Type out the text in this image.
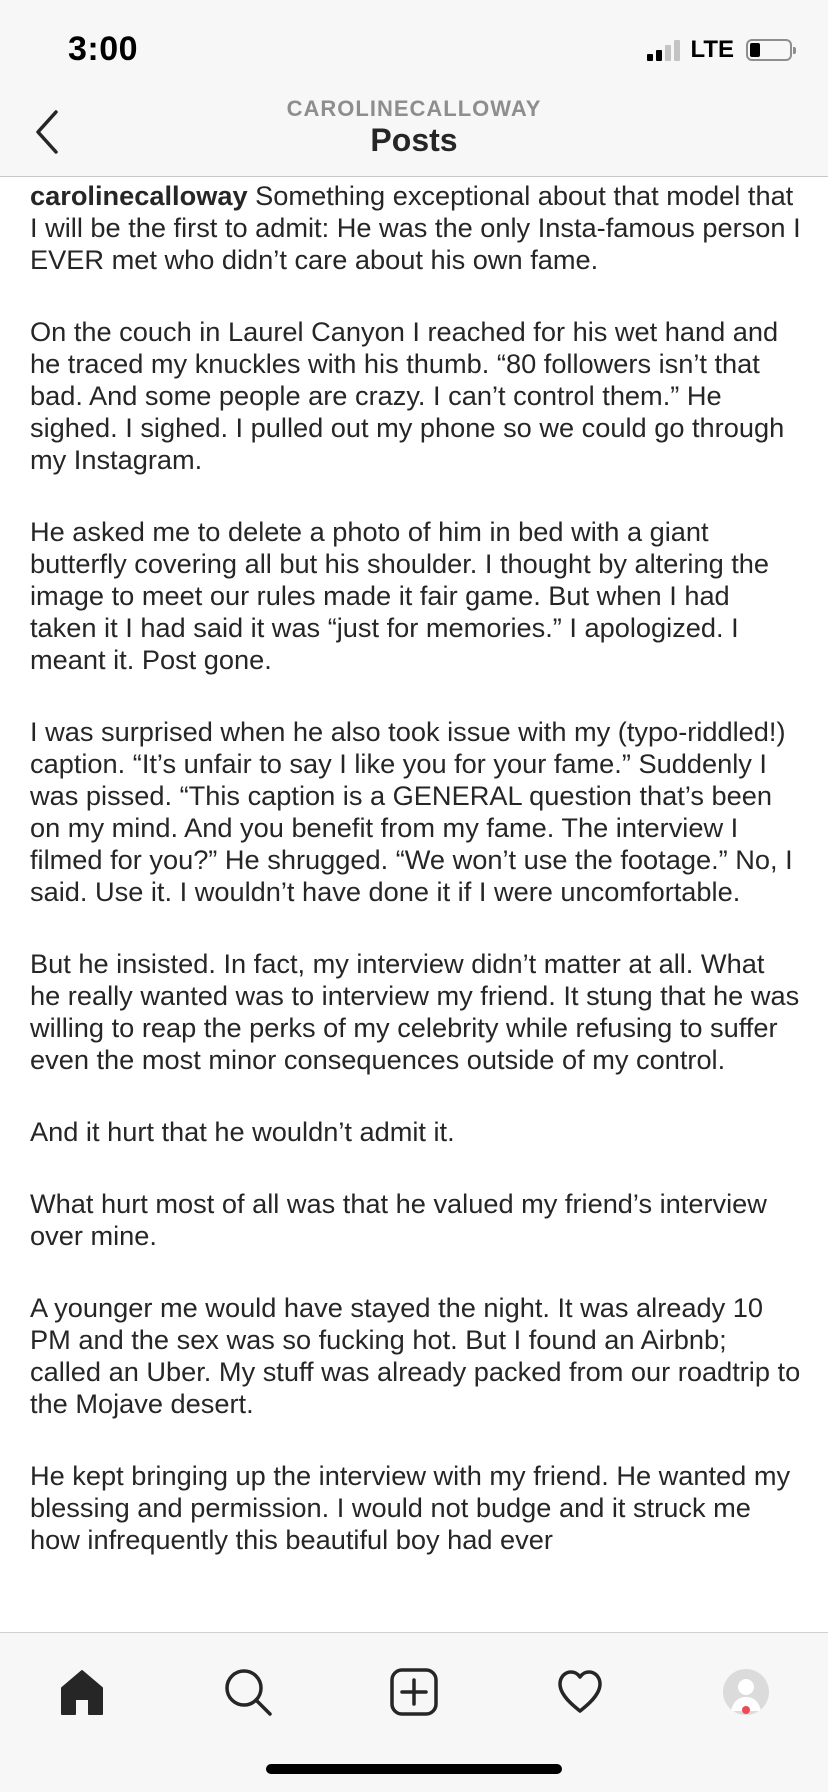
3:00	LTE
CAROLINECALLOWAY
Posts

carolinecalloway Something exceptional about that model that I will be the first to admit: He was the only Insta-famous person I EVER met who didn’t care about his own fame.

On the couch in Laurel Canyon I reached for his wet hand and he traced my knuckles with his thumb. “80 followers isn’t that bad. And some people are crazy. I can’t control them.” He sighed. I sighed. I pulled out my phone so we could go through my Instagram.

He asked me to delete a photo of him in bed with a giant butterfly covering all but his shoulder. I thought by altering the image to meet our rules made it fair game. But when I had taken it I had said it was “just for memories.” I apologized. I meant it. Post gone.

I was surprised when he also took issue with my (typo-riddled!) caption. “It’s unfair to say I like you for your fame.” Suddenly I was pissed. “This caption is a GENERAL question that’s been on my mind. And you benefit from my fame. The interview I filmed for you?” He shrugged. “We won’t use the footage.” No, I said. Use it. I wouldn’t have done it if I were uncomfortable.

But he insisted. In fact, my interview didn’t matter at all. What he really wanted was to interview my friend. It stung that he was willing to reap the perks of my celebrity while refusing to suffer even the most minor consequences outside of my control.

And it hurt that he wouldn’t admit it.

What hurt most of all was that he valued my friend’s interview over mine.

A younger me would have stayed the night. It was already 10 PM and the sex was so fucking hot. But I found an Airbnb; called an Uber. My stuff was already packed from our roadtrip to the Mojave desert.

He kept bringing up the interview with my friend. He wanted my blessing and permission. I would not budge and it struck me how infrequently this beautiful boy had ever
